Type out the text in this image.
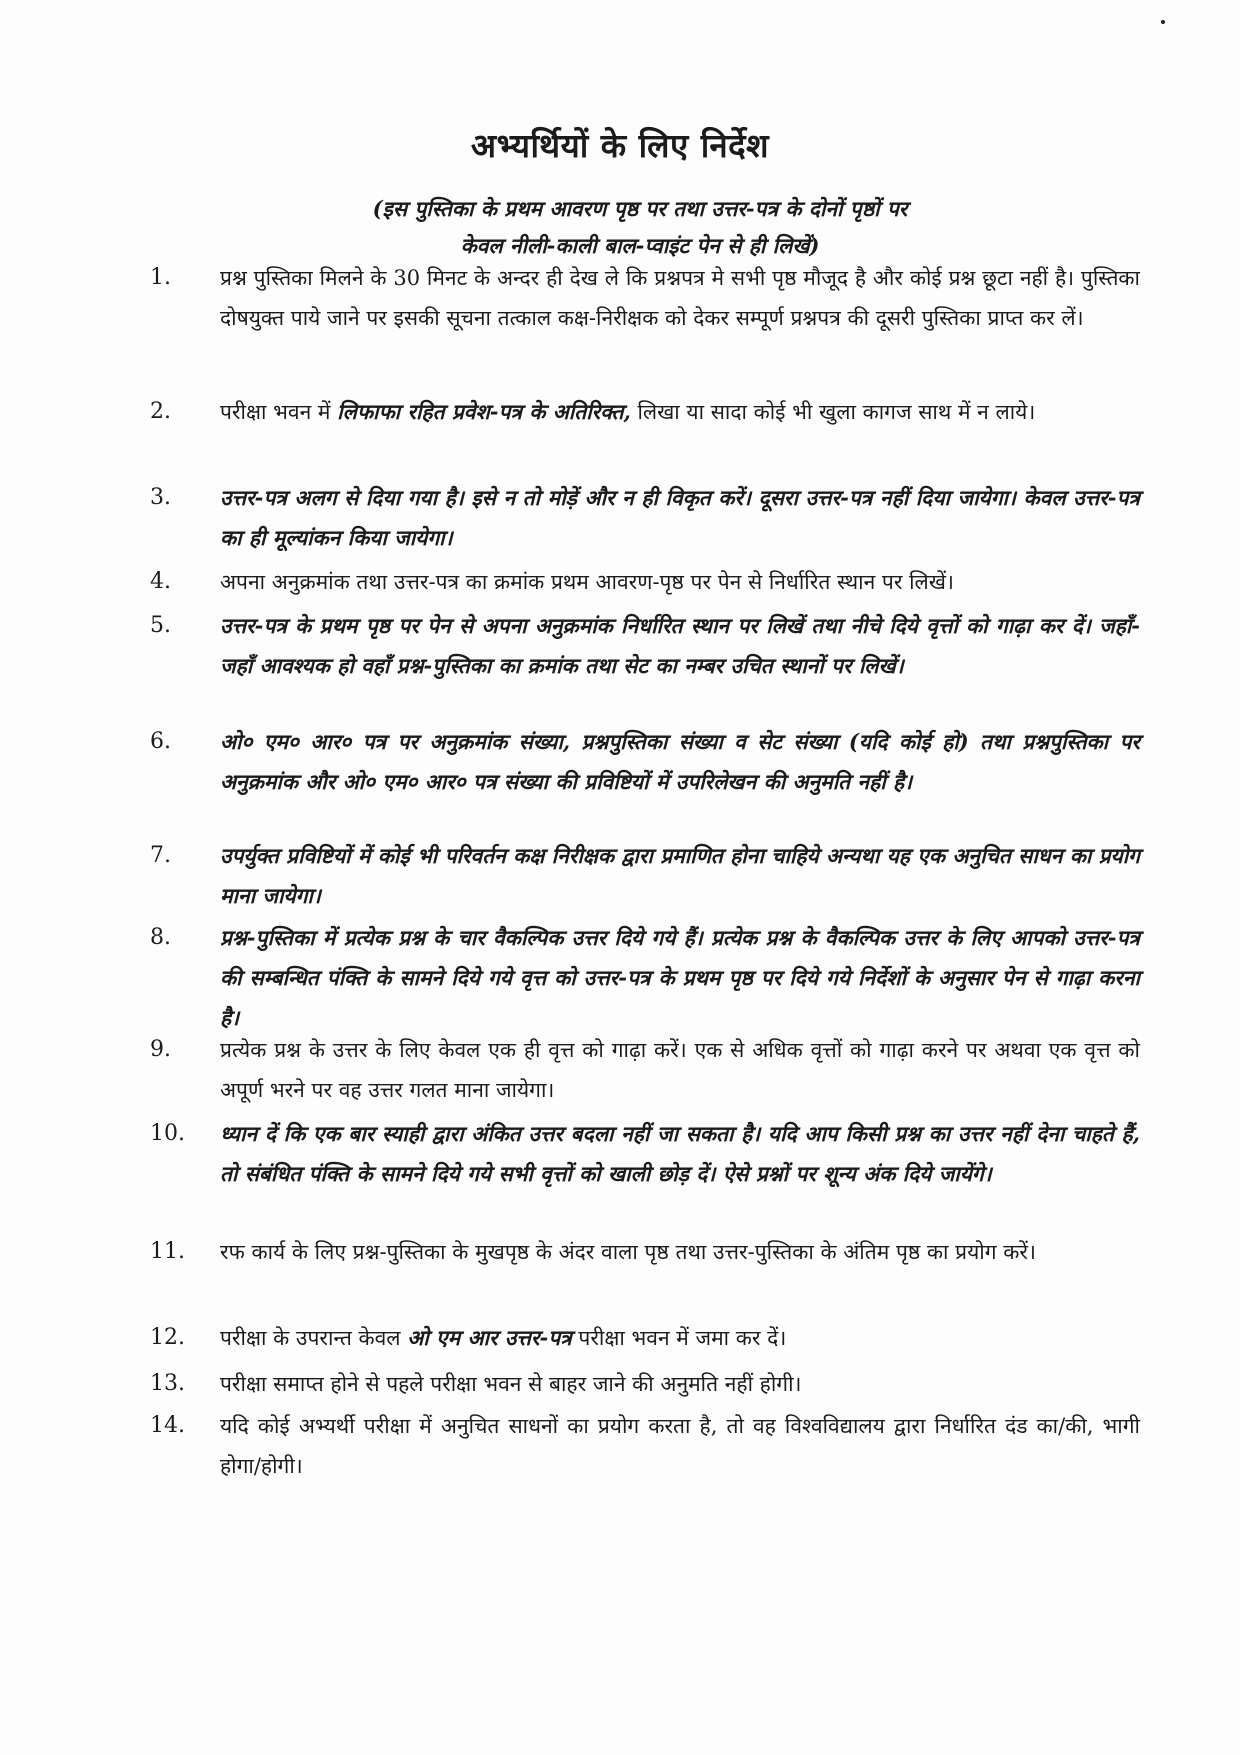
अभ्यर्थियों के लिए निर्देश
(इस पुस्तिका के प्रथम आवरण पृष्ठ पर तथा उत्तर-पत्र के दोनों पृष्ठों पर
केवल नीली-काली बाल-प्वाइंट पेन से ही लिखें)
1.	प्रश्न पुस्तिका मिलने के 30 मिनट के अन्दर ही देख ले कि प्रश्नपत्र मे सभी पृष्ठ मौजूद है और कोई प्रश्न छूटा नहीं है। पुस्तिका दोषयुक्त पाये जाने पर इसकी सूचना तत्काल कक्ष-निरीक्षक को देकर सम्पूर्ण प्रश्नपत्र की दूसरी पुस्तिका प्राप्त कर लें।
2.	परीक्षा भवन में लिफाफा रहित प्रवेश-पत्र के अतिरिक्त, लिखा या सादा कोई भी खुला कागज साथ में न लाये।
3.	उत्तर-पत्र अलग से दिया गया है। इसे न तो मोड़ें और न ही विकृत करें। दूसरा उत्तर-पत्र नहीं दिया जायेगा। केवल उत्तर-पत्र का ही मूल्यांकन किया जायेगा।
4.	अपना अनुक्रमांक तथा उत्तर-पत्र का क्रमांक प्रथम आवरण-पृष्ठ पर पेन से निर्धारित स्थान पर लिखें।
5.	उत्तर-पत्र के प्रथम पृष्ठ पर पेन से अपना अनुक्रमांक निर्धारित स्थान पर लिखें तथा नीचे दिये वृत्तों को गाढ़ा कर दें। जहाँ-जहाँ आवश्यक हो वहाँ प्रश्न-पुस्तिका का क्रमांक तथा सेट का नम्बर उचित स्थानों पर लिखें।
6.	ओ० एम० आर० पत्र पर अनुक्रमांक संख्या, प्रश्नपुस्तिका संख्या व सेट संख्या (यदि कोई हो) तथा प्रश्नपुस्तिका पर अनुक्रमांक और ओ० एम० आर० पत्र संख्या की प्रविष्टियों में उपरिलेखन की अनुमति नहीं है।
7.	उपर्युक्त प्रविष्टियों में कोई भी परिवर्तन कक्ष निरीक्षक द्वारा प्रमाणित होना चाहिये अन्यथा यह एक अनुचित साधन का प्रयोग माना जायेगा।
8.	प्रश्न-पुस्तिका में प्रत्येक प्रश्न के चार वैकल्पिक उत्तर दिये गये हैं। प्रत्येक प्रश्न के वैकल्पिक उत्तर के लिए आपको उत्तर-पत्र की सम्बन्धित पंक्ति के सामने दिये गये वृत्त को उत्तर-पत्र के प्रथम पृष्ठ पर दिये गये निर्देशों के अनुसार पेन से गाढ़ा करना है।
9.	प्रत्येक प्रश्न के उत्तर के लिए केवल एक ही वृत्त को गाढ़ा करें। एक से अधिक वृत्तों को गाढ़ा करने पर अथवा एक वृत्त को अपूर्ण भरने पर वह उत्तर गलत माना जायेगा।
10.	ध्यान दें कि एक बार स्याही द्वारा अंकित उत्तर बदला नहीं जा सकता है। यदि आप किसी प्रश्न का उत्तर नहीं देना चाहते हैं, तो संबंधित पंक्ति के सामने दिये गये सभी वृत्तों को खाली छोड़ दें। ऐसे प्रश्नों पर शून्य अंक दिये जायेंगे।
11.	रफ कार्य के लिए प्रश्न-पुस्तिका के मुखपृष्ठ के अंदर वाला पृष्ठ तथा उत्तर-पुस्तिका के अंतिम पृष्ठ का प्रयोग करें।
12.	परीक्षा के उपरान्त केवल ओ एम आर उत्तर-पत्र परीक्षा भवन में जमा कर दें।
13.	परीक्षा समाप्त होने से पहले परीक्षा भवन से बाहर जाने की अनुमति नहीं होगी।
14.	यदि कोई अभ्यर्थी परीक्षा में अनुचित साधनों का प्रयोग करता है, तो वह विश्वविद्यालय द्वारा निर्धारित दंड का/की, भागी होगा/होगी।
